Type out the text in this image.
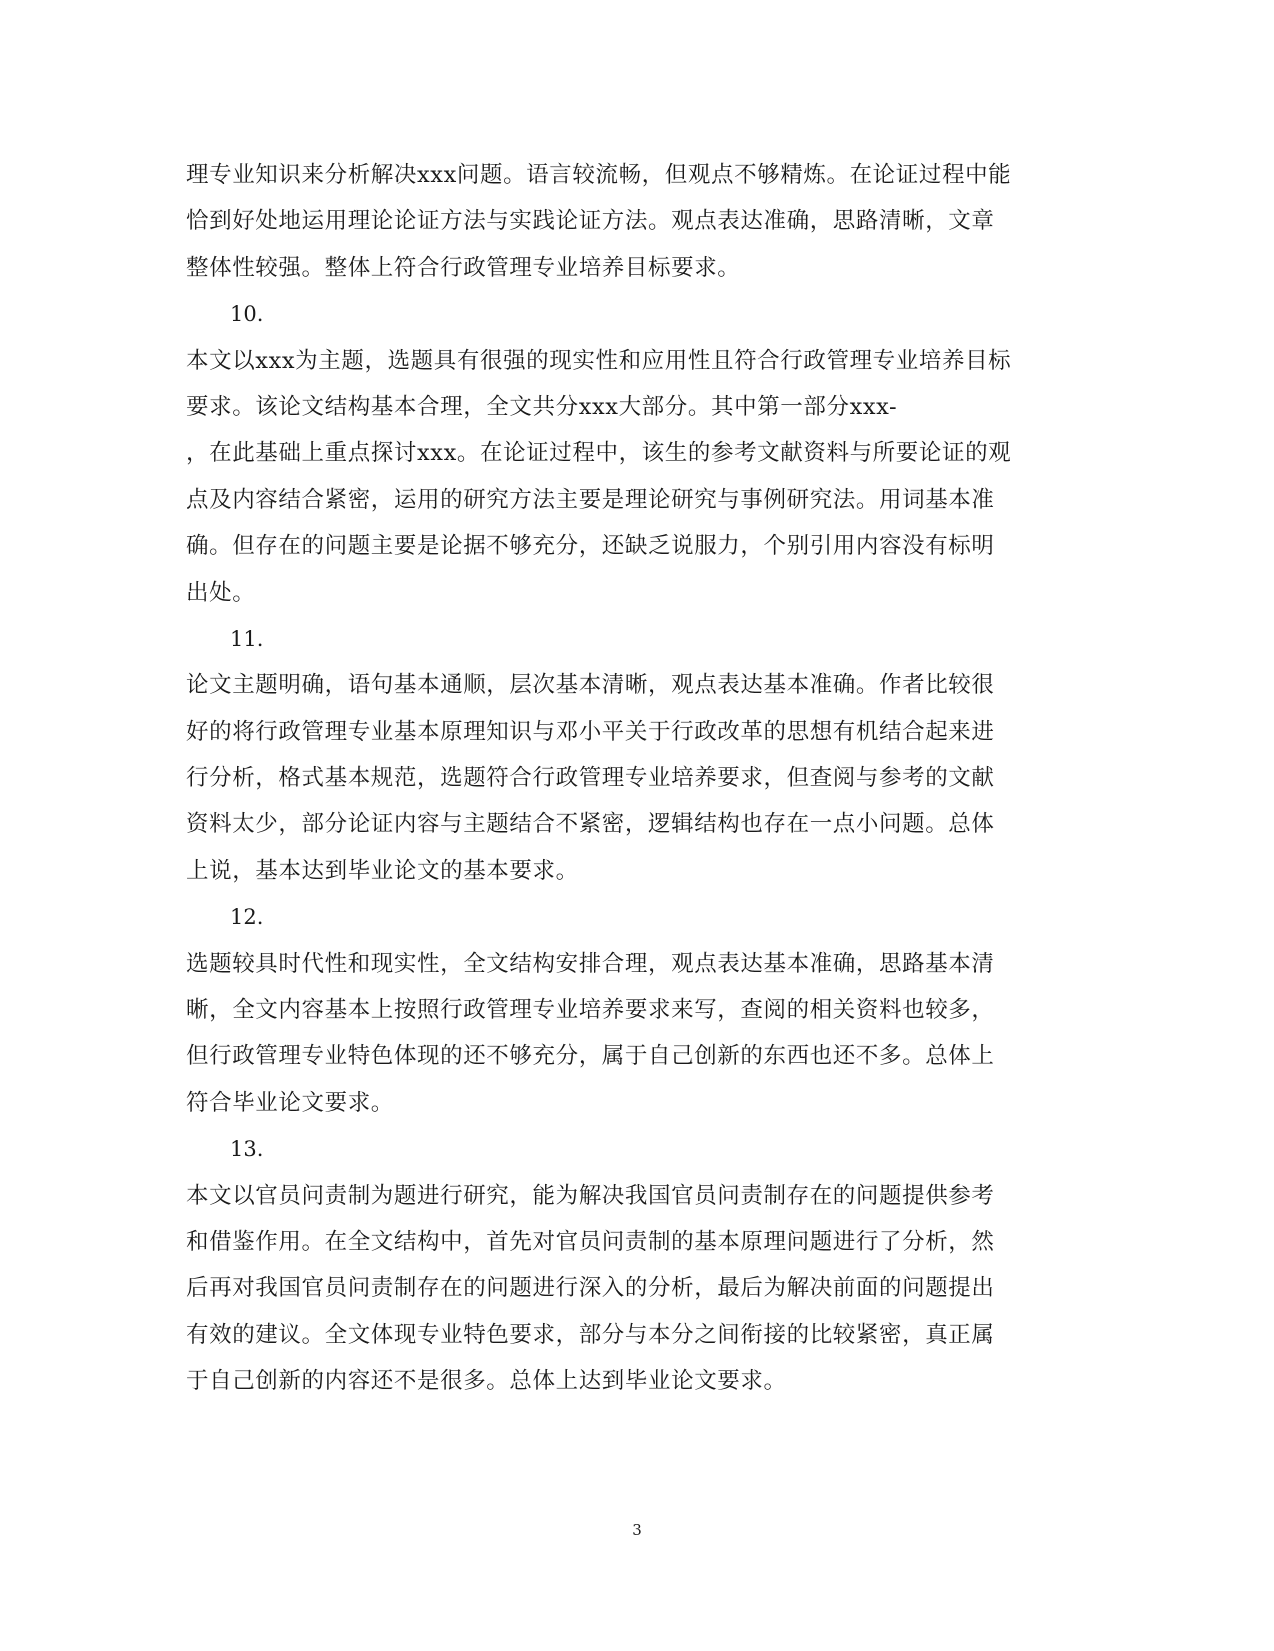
理专业知识来分析解决xxx问题。语言较流畅，但观点不够精炼。在论证过程中能
恰到好处地运用理论论证方法与实践论证方法。观点表达准确，思路清晰，文章
整体性较强。整体上符合行政管理专业培养目标要求。
10.
本文以xxx为主题，选题具有很强的现实性和应用性且符合行政管理专业培养目标
要求。该论文结构基本合理，全文共分xxx大部分。其中第一部分xxx-
，在此基础上重点探讨xxx。在论证过程中，该生的参考文献资料与所要论证的观
点及内容结合紧密，运用的研究方法主要是理论研究与事例研究法。用词基本准
确。但存在的问题主要是论据不够充分，还缺乏说服力，个别引用内容没有标明
出处。
11.
论文主题明确，语句基本通顺，层次基本清晰，观点表达基本准确。作者比较很
好的将行政管理专业基本原理知识与邓小平关于行政改革的思想有机结合起来进
行分析，格式基本规范，选题符合行政管理专业培养要求，但查阅与参考的文献
资料太少，部分论证内容与主题结合不紧密，逻辑结构也存在一点小问题。总体
上说，基本达到毕业论文的基本要求。
12.
选题较具时代性和现实性，全文结构安排合理，观点表达基本准确，思路基本清
晰，全文内容基本上按照行政管理专业培养要求来写，查阅的相关资料也较多，
但行政管理专业特色体现的还不够充分，属于自己创新的东西也还不多。总体上
符合毕业论文要求。
13.
本文以官员问责制为题进行研究，能为解决我国官员问责制存在的问题提供参考
和借鉴作用。在全文结构中，首先对官员问责制的基本原理问题进行了分析，然
后再对我国官员问责制存在的问题进行深入的分析，最后为解决前面的问题提出
有效的建议。全文体现专业特色要求，部分与本分之间衔接的比较紧密，真正属
于自己创新的内容还不是很多。总体上达到毕业论文要求。
3
